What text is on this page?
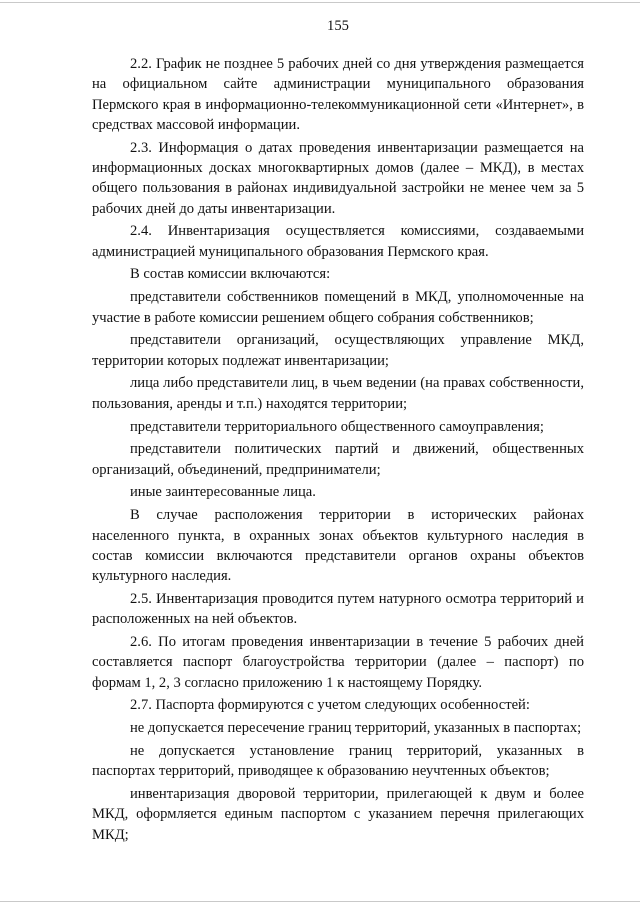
155

2.2. График не позднее 5 рабочих дней со дня утверждения размещается на официальном сайте администрации муниципального образования Пермского края в информационно-телекоммуникационной сети «Интернет», в средствах массовой информации.

2.3. Информация о датах проведения инвентаризации размещается на информационных досках многоквартирных домов (далее – МКД), в местах общего пользования в районах индивидуальной застройки не менее чем за 5 рабочих дней до даты инвентаризации.

2.4. Инвентаризация осуществляется комиссиями, создаваемыми администрацией муниципального образования Пермского края.

В состав комиссии включаются:

представители собственников помещений в МКД, уполномоченные на участие в работе комиссии решением общего собрания собственников;

представители организаций, осуществляющих управление МКД, территории которых подлежат инвентаризации;

лица либо представители лиц, в чьем ведении (на правах собственности, пользования, аренды и т.п.) находятся территории;

представители территориального общественного самоуправления;

представители политических партий и движений, общественных организаций, объединений, предприниматели;

иные заинтересованные лица.

В случае расположения территории в исторических районах населенного пункта, в охранных зонах объектов культурного наследия в состав комиссии включаются представители органов охраны объектов культурного наследия.

2.5. Инвентаризация проводится путем натурного осмотра территорий и расположенных на ней объектов.

2.6. По итогам проведения инвентаризации в течение 5 рабочих дней составляется паспорт благоустройства территории (далее – паспорт) по формам 1, 2, 3 согласно приложению 1 к настоящему Порядку.

2.7. Паспорта формируются с учетом следующих особенностей:

не допускается пересечение границ территорий, указанных в паспортах;

не допускается установление границ территорий, указанных в паспортах территорий, приводящее к образованию неучтенных объектов;

инвентаризация дворовой территории, прилегающей к двум и более МКД, оформляется единым паспортом с указанием перечня прилегающих МКД;
